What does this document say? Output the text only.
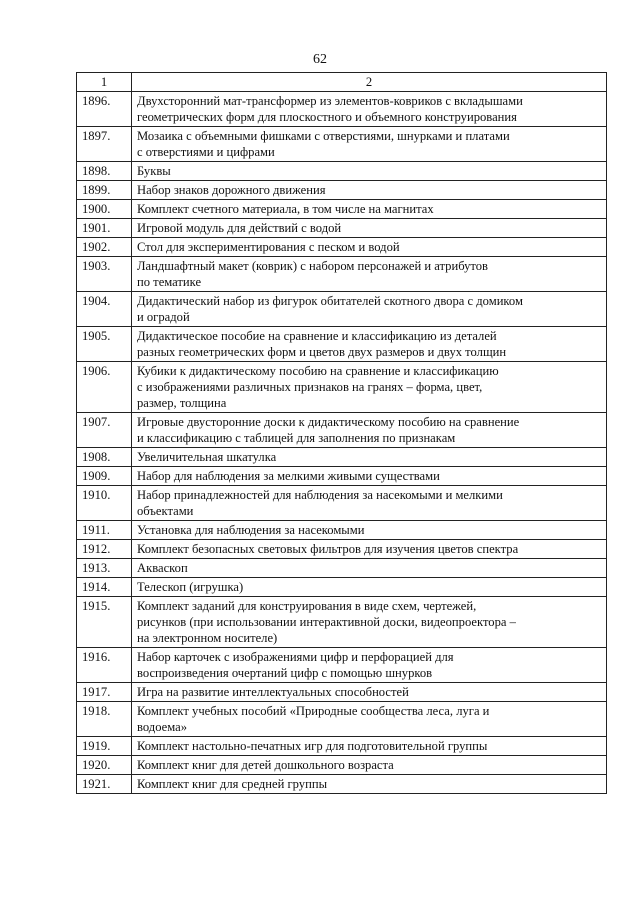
62
1	2
1896.	Двухсторонний мат-трансформер из элементов-ковриков с вкладышами
геометрических форм для плоскостного и объемного конструирования

1897.	Мозаика с объемными фишками с отверстиями, шнурками и платами
с отверстиями и цифрами

1898.	Буквы

1899.	Набор знаков дорожного движения

1900.	Комплект счетного материала, в том числе на магнитах

1901.	Игровой модуль для действий с водой

1902.	Стол для экспериментирования с песком и водой

1903.	Ландшафтный макет (коврик) с набором персонажей и атрибутов
по тематике

1904.	Дидактический набор из фигурок обитателей скотного двора с домиком
и оградой

1905.	Дидактическое пособие на сравнение и классификацию из деталей
разных геометрических форм и цветов двух размеров и двух толщин

1906.	Кубики к дидактическому пособию на сравнение и классификацию
с изображениями различных признаков на гранях – форма, цвет,
размер, толщина

1907.	Игровые двусторонние доски к дидактическому пособию на сравнение
и классификацию с таблицей для заполнения по признакам

1908.	Увеличительная шкатулка

1909.	Набор для наблюдения за мелкими живыми существами

1910.	Набор принадлежностей для наблюдения за насекомыми и мелкими
объектами

1911.	Установка для наблюдения за насекомыми

1912.	Комплект безопасных световых фильтров для изучения цветов спектра

1913.	Акваскоп

1914.	Телескоп (игрушка)

1915.	Комплект заданий для конструирования в виде схем, чертежей,
рисунков (при использовании интерактивной доски, видеопроектора –
на электронном носителе)

1916.	Набор карточек с изображениями цифр и перфорацией для
воспроизведения очертаний цифр с помощью шнурков

1917.	Игра на развитие интеллектуальных способностей

1918.	Комплект учебных пособий «Природные сообщества леса, луга и
водоема»

1919.	Комплект настольно-печатных игр для подготовительной группы

1920.	Комплект книг для детей дошкольного возраста

1921.	Комплект книг для средней группы
